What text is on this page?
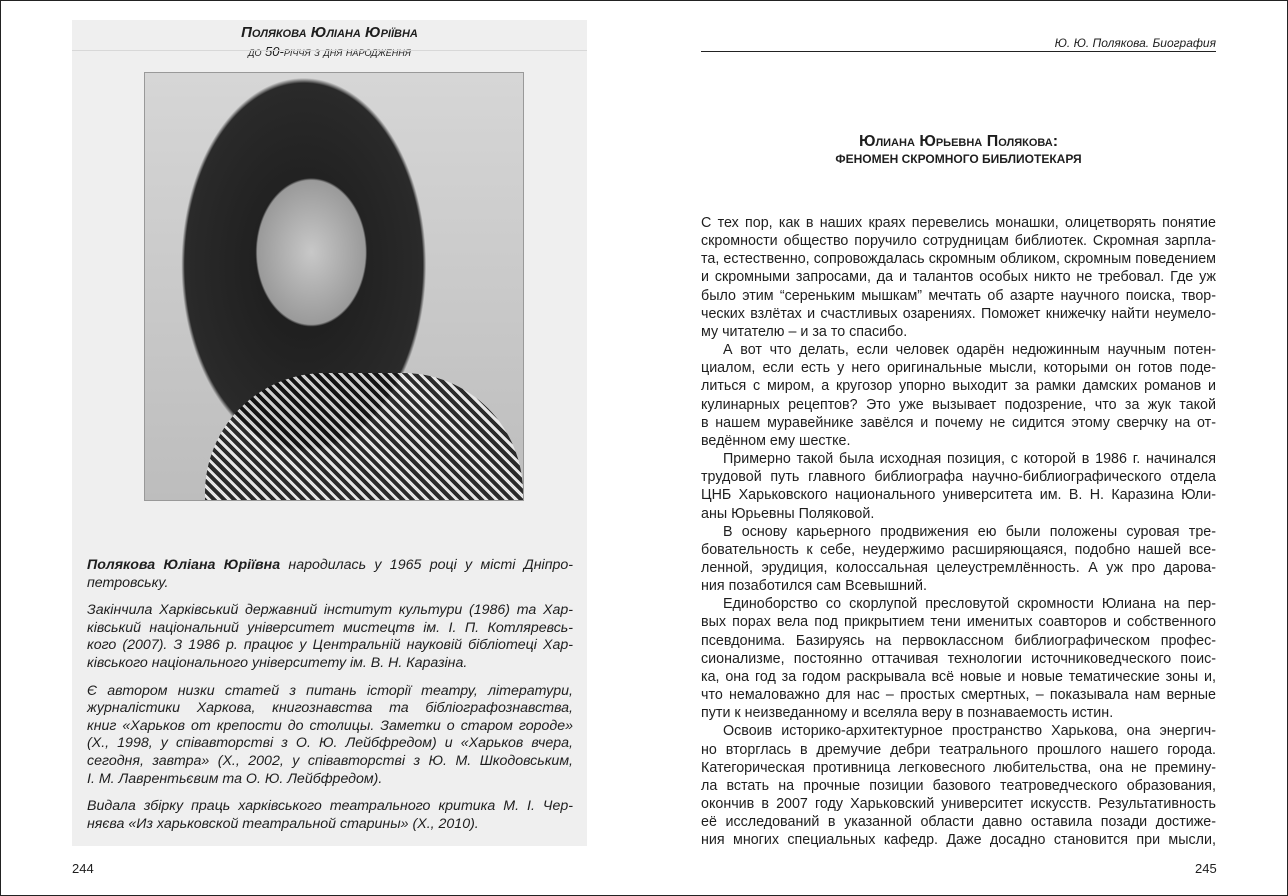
Полякова Юліана Юріївна
до 50-річчя з дня народження
Полякова Юліана Юріївна народилась у 1965 році у місті Дніпро-
петровську.
Закінчила Харківський державний інститут культури (1986) та Хар-
ківський національний університет мистецтв ім. І. П. Котляревсь-
кого (2007). З 1986 р. працює у Центральній науковій бібліотеці Хар-
ківського національного університету ім. В. Н. Каразіна.
Є автором низки статей з питань історії театру, літератури,
журналістики Харкова, книгознавства та бібліографознавства,
книг «Харьков от крепости до столицы. Заметки о старом городе»
(Х., 1998, у співавторстві з О. Ю. Лейбфредом) и «Харьков вчера,
сегодня, завтра» (Х., 2002, у співавторстві з Ю. М. Шкодовським,
І. М. Лаврентьєвим та О. Ю. Лейбфредом).
Видала збірку праць харківського театрального критика М. І. Чер-
няєва «Из харьковской театральной старины» (Х., 2010).
244
Ю. Ю. Полякова. Биография
Юлиана Юрьевна Полякова:
ФЕНОМЕН СКРОМНОГО БИБЛИОТЕКАРЯ
С тех пор, как в наших краях перевелись монашки, олицетворять понятие
скромности общество поручило сотрудницам библиотек. Скромная зарпла-
та, естественно, сопровождалась скромным обликом, скромным поведением
и скромными запросами, да и талантов особых никто не требовал. Где уж
было этим “сереньким мышкам” мечтать об азарте научного поиска, твор-
ческих взлётах и счастливых озарениях. Поможет книжечку найти неумело-
му читателю – и за то спасибо.
А вот что делать, если человек одарён недюжинным научным потен-
циалом, если есть у него оригинальные мысли, которыми он готов поде-
литься с миром, а кругозор упорно выходит за рамки дамских романов и
кулинарных рецептов? Это уже вызывает подозрение, что за жук такой
в нашем муравейнике завёлся и почему не сидится этому сверчку на от-
ведённом ему шестке.
Примерно такой была исходная позиция, с которой в 1986 г. начинался
трудовой путь главного библиографа научно-библиографического отдела
ЦНБ Харьковского национального университета им. В. Н. Каразина Юли-
аны Юрьевны Поляковой.
В основу карьерного продвижения ею были положены суровая тре-
бовательность к себе, неудержимо расширяющаяся, подобно нашей все-
ленной, эрудиция, колоссальная целеустремлённость. А уж про дарова-
ния позаботился сам Всевышний.
Единоборство со скорлупой пресловутой скромности Юлиана на пер-
вых порах вела под прикрытием тени именитых соавторов и собственного
псевдонима. Базируясь на первоклассном библиографическом профес-
сионализме, постоянно оттачивая технологии источниковедческого поис-
ка, она год за годом раскрывала всё новые и новые тематические зоны и,
что немаловажно для нас – простых смертных, – показывала нам верные
пути к неизведанному и вселяла веру в познаваемость истин.
Освоив историко-архитектурное пространство Харькова, она энергич-
но вторглась в дремучие дебри театрального прошлого нашего города.
Категорическая противница легковесного любительства, она не премину-
ла встать на прочные позиции базового театроведческого образования,
окончив в 2007 году Харьковский университет искусств. Результативность
её исследований в указанной области давно оставила позади достиже-
ния многих специальных кафедр. Даже досадно становится при мысли,
245
